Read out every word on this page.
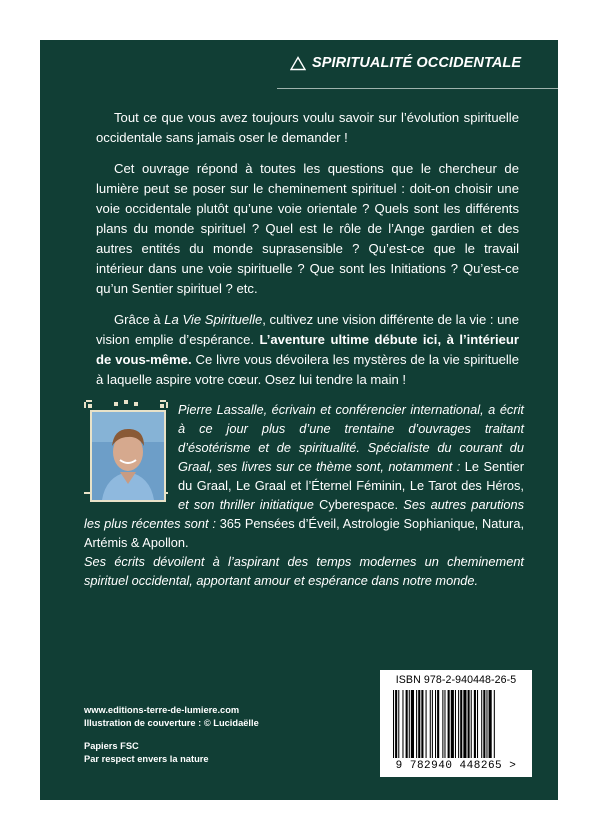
SPIRITUALITÉ OCCIDENTALE

Tout ce que vous avez toujours voulu savoir sur l’évolution spirituelle occidentale sans jamais oser le demander !

Cet ouvrage répond à toutes les questions que le chercheur de lumière peut se poser sur le cheminement spirituel : doit-on choisir une voie occidentale plutôt qu’une voie orientale ? Quels sont les différents plans du monde spirituel ? Quel est le rôle de l’Ange gardien et des autres entités du monde suprasensible ? Qu’est-ce que le travail intérieur dans une voie spirituelle ? Que sont les Initiations ? Qu’est-ce qu’un Sentier spirituel ? etc.

Grâce à La Vie Spirituelle, cultivez une vision différente de la vie : une vision emplie d’espérance. L’aventure ultime débute ici, à l’intérieur de vous-même. Ce livre vous dévoilera les mystères de la vie spirituelle à laquelle aspire votre cœur. Osez lui tendre la main !

Pierre Lassalle, écrivain et conférencier international, a écrit à ce jour plus d’une trentaine d’ouvrages traitant d’ésotérisme et de spiritualité. Spécialiste du courant du Graal, ses livres sur ce thème sont, notamment : Le Sentier du Graal, Le Graal et l’Éternel Féminin, Le Tarot des Héros, et son thriller initiatique Cyberespace. Ses autres parutions les plus récentes sont : 365 Pensées d’Éveil, Astrologie Sophianique, Natura, Artémis & Apollon.
Ses écrits dévoilent à l’aspirant des temps modernes un cheminement spirituel occidental, apportant amour et espérance dans notre monde.

www.editions-terre-de-lumiere.com
Illustration de couverture : © Lucidaëlle
Papiers FSC
Par respect envers la nature
ISBN 978-2-940448-26-5
9 782940 448265 >
